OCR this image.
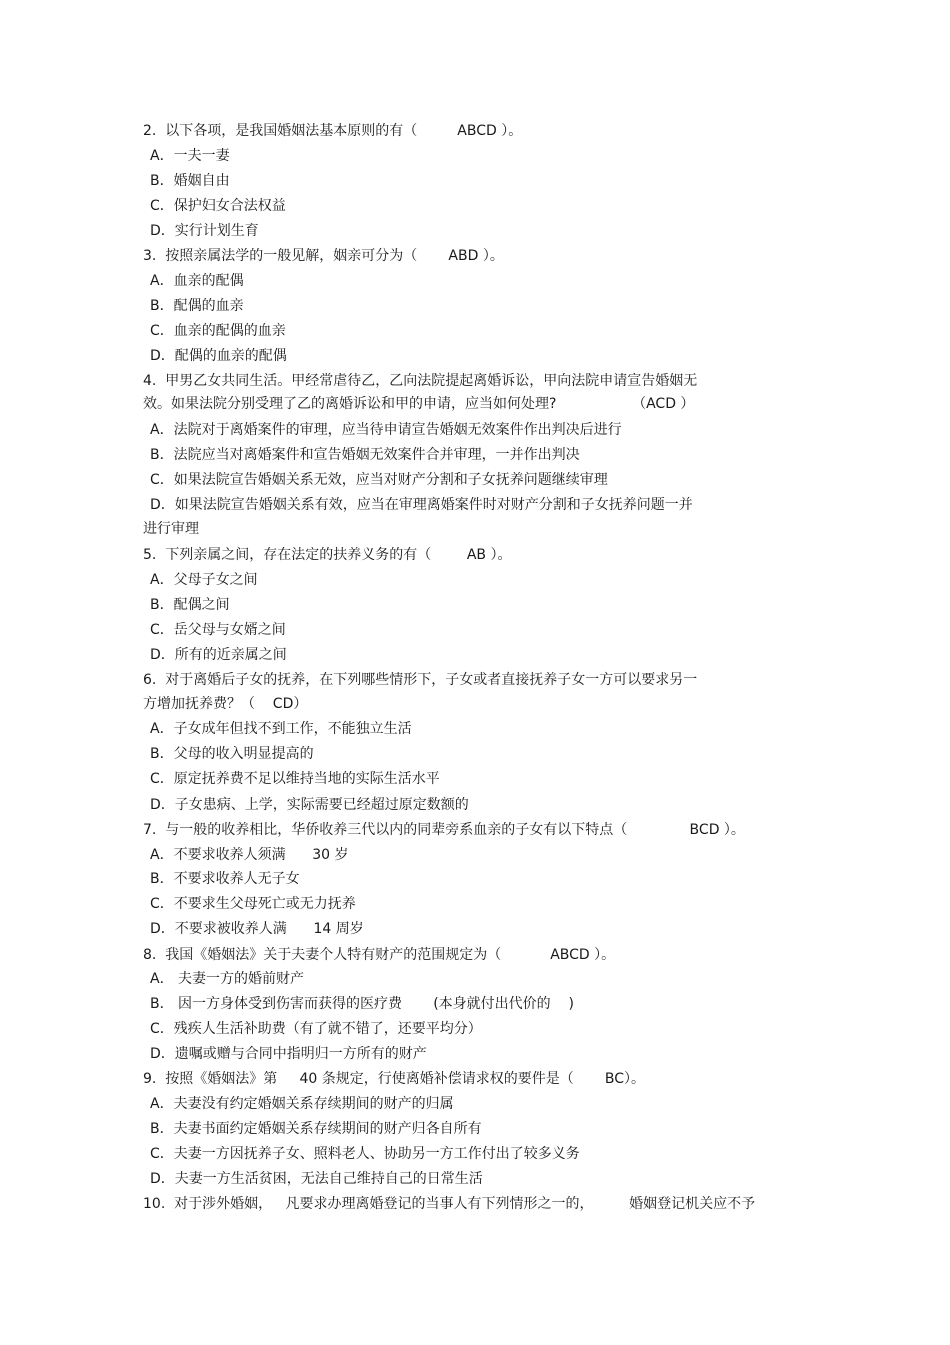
2.  以下各项，是我国婚姻法基本原则的有（         ABCD ）。
A．一夫一妻
B．婚姻自由
C．保护妇女合法权益
D．实行计划生育
3.  按照亲属法学的一般见解，姻亲可分为（       ABD ）。
A．血亲的配偶
B．配偶的血亲
C．血亲的配偶的血亲
D．配偶的血亲的配偶
4.  甲男乙女共同生活。甲经常虐待乙，乙向法院提起离婚诉讼，甲向法院申请宣告婚姻无
效。如果法院分别受理了乙的离婚诉讼和甲的申请，应当如何处理?                 （ACD ）
A．法院对于离婚案件的审理，应当待申请宣告婚姻无效案件作出判决后进行
B．法院应当对离婚案件和宣告婚姻无效案件合并审理，一并作出判决
C．如果法院宣告婚姻关系无效，应当对财产分割和子女抚养问题继续审理
D．如果法院宣告婚姻关系有效，应当在审理离婚案件时对财产分割和子女抚养问题一并
进行审理
5.  下列亲属之间，存在法定的扶养义务的有（        AB ）。
A．父母子女之间
B．配偶之间
C．岳父母与女婿之间
D．所有的近亲属之间
6.  对于离婚后子女的抚养，在下列哪些情形下，子女或者直接抚养子女一方可以要求另一
方增加抚养费？（    CD）
A．子女成年但找不到工作，不能独立生活
B．父母的收入明显提高的
C．原定抚养费不足以维持当地的实际生活水平
D．子女患病、上学，实际需要已经超过原定数额的
7.  与一般的收养相比，华侨收养三代以内的同辈旁系血亲的子女有以下特点（              BCD ）。
A．不要求收养人须满      30 岁
B．不要求收养人无子女
C．不要求生父母死亡或无力抚养
D．不要求被收养人满      14 周岁
8.  我国《婚姻法》关于夫妻个人特有财产的范围规定为（           ABCD ）。
A． 夫妻一方的婚前财产
B． 因一方身体受到伤害而获得的医疗费       (本身就付出代价的    )
C．残疾人生活补助费（有了就不错了，还要平均分）
D．遗嘱或赠与合同中指明归一方所有的财产
9.  按照《婚姻法》第     40 条规定，行使离婚补偿请求权的要件是（       BC）。
A．夫妻没有约定婚姻关系存续期间的财产的归属
B．夫妻书面约定婚姻关系存续期间的财产归各自所有
C．夫妻一方因抚养子女、照料老人、协助另一方工作付出了较多义务
D．夫妻一方生活贫困，无法自己维持自己的日常生活
10.  对于涉外婚姻，   凡要求办理离婚登记的当事人有下列情形之一的，        婚姻登记机关应不予
